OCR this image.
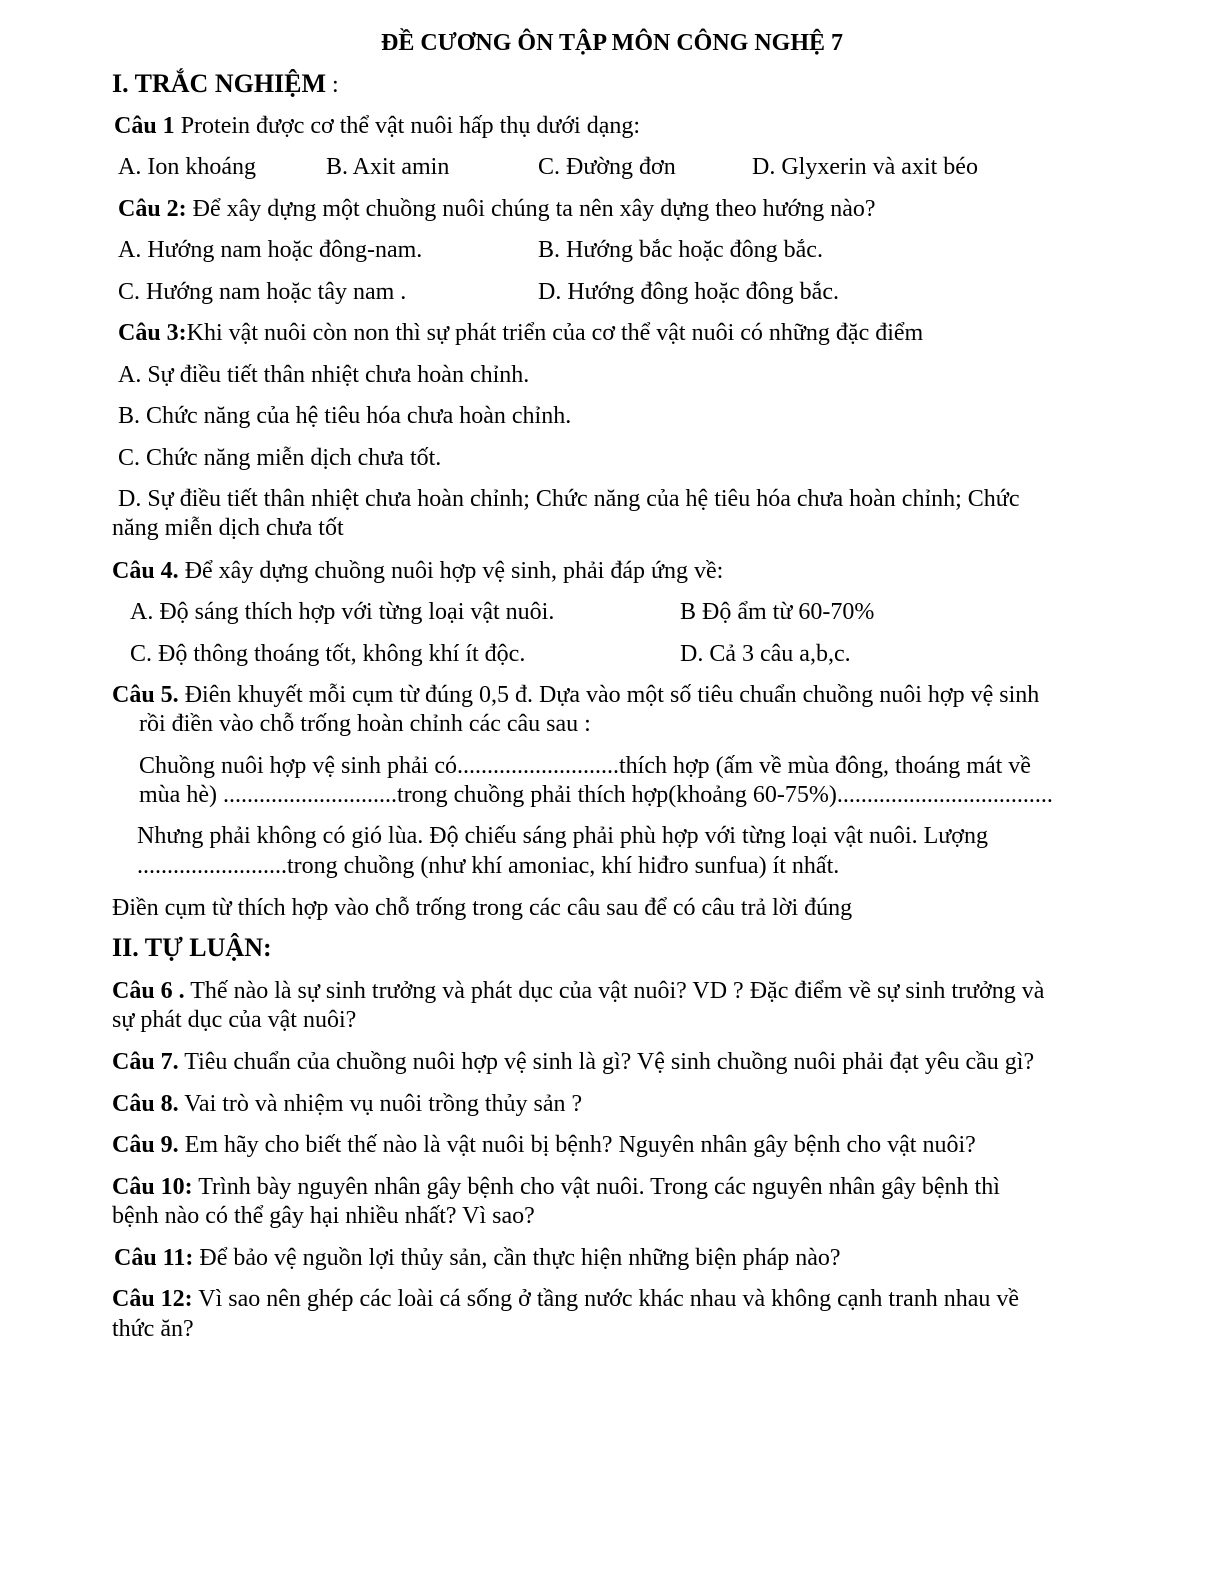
ĐỀ CƯƠNG ÔN TẬP MÔN CÔNG NGHỆ 7
I. TRẮC NGHIỆM :
Câu 1 Protein được cơ thể vật nuôi hấp thụ dưới dạng:
A. Ion khoáng	B. Axit amin	C. Đường đơn	D. Glyxerin và axit béo
Câu 2: Để xây dựng một chuồng nuôi chúng ta nên xây dựng theo hướng nào?
A. Hướng nam hoặc đông-nam.	B. Hướng bắc hoặc đông bắc.
C. Hướng nam hoặc tây nam .	D. Hướng đông hoặc đông bắc.
Câu 3:Khi vật nuôi còn non thì sự phát triển của cơ thể vật nuôi có những đặc điểm
A. Sự điều tiết thân nhiệt chưa hoàn chỉnh.
B. Chức năng của hệ tiêu hóa chưa hoàn chỉnh.
C. Chức năng miễn dịch chưa tốt.
D. Sự điều tiết thân nhiệt chưa hoàn chỉnh; Chức năng của hệ tiêu hóa chưa hoàn chỉnh; Chức
năng miễn dịch chưa tốt
Câu 4. Để xây dựng chuồng nuôi hợp vệ sinh, phải đáp ứng về:
A. Độ sáng thích hợp với từng loại vật nuôi.	B Độ ẩm từ 60-70%
C. Độ thông thoáng tốt, không khí ít độc.	D. Cả 3 câu a,b,c.
Câu 5. Điên khuyết mỗi cụm từ đúng 0,5 đ. Dựa vào một số tiêu chuẩn chuồng nuôi hợp vệ sinh
rồi điền vào chỗ trống hoàn chỉnh các câu sau :
Chuồng nuôi hợp vệ sinh phải có...........................thích hợp (ấm về mùa đông, thoáng mát về
mùa hè) .............................trong chuồng phải thích hợp(khoảng 60-75%)....................................
Nhưng phải không có gió lùa. Độ chiếu sáng phải phù hợp với từng loại vật nuôi. Lượng
.........................trong chuồng (như khí amoniac, khí hiđro sunfua) ít nhất.
Điền cụm từ thích hợp vào chỗ trống trong các câu sau để có câu trả lời đúng
II. TỰ LUẬN:
Câu 6 . Thế nào là sự sinh trưởng và phát dục của vật nuôi? VD ? Đặc điểm về sự sinh trưởng và
sự phát dục của vật nuôi?
Câu 7. Tiêu chuẩn của chuồng nuôi hợp vệ sinh là gì? Vệ sinh chuồng nuôi phải đạt yêu cầu gì?
Câu 8. Vai trò và nhiệm vụ nuôi trồng thủy sản ?
Câu 9. Em hãy cho biết thế nào là vật nuôi bị bệnh? Nguyên nhân gây bệnh cho vật nuôi?
Câu 10: Trình bày nguyên nhân gây bệnh cho vật nuôi. Trong các nguyên nhân gây bệnh thì
bệnh nào có thể gây hại nhiều nhất? Vì sao?
Câu 11: Để bảo vệ nguồn lợi thủy sản, cần thực hiện những biện pháp nào?
Câu 12: Vì sao nên ghép các loài cá sống ở tầng nước khác nhau và không cạnh tranh nhau về
thức ăn?
